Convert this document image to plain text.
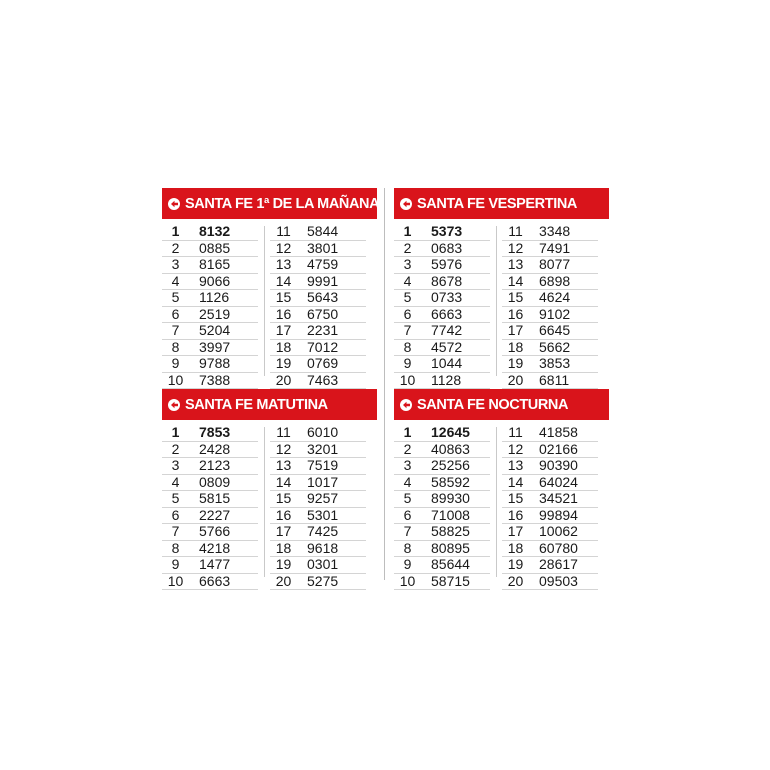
SANTA FE 1ª DE LA MAÑANA
1 8132
2 0885
3 8165
4 9066
5 1126
6 2519
7 5204
8 3997
9 9788
10 7388
11 5844
12 3801
13 4759
14 9991
15 5643
16 6750
17 2231
18 7012
19 0769
20 7463
SANTA FE VESPERTINA
1 5373
2 0683
3 5976
4 8678
5 0733
6 6663
7 7742
8 4572
9 1044
10 1128
11 3348
12 7491
13 8077
14 6898
15 4624
16 9102
17 6645
18 5662
19 3853
20 6811
SANTA FE MATUTINA
1 7853
2 2428
3 2123
4 0809
5 5815
6 2227
7 5766
8 4218
9 1477
10 6663
11 6010
12 3201
13 7519
14 1017
15 9257
16 5301
17 7425
18 9618
19 0301
20 5275
SANTA FE NOCTURNA
1 12645
2 40863
3 25256
4 58592
5 89930
6 71008
7 58825
8 80895
9 85644
10 58715
11 41858
12 02166
13 90390
14 64024
15 34521
16 99894
17 10062
18 60780
19 28617
20 09503
